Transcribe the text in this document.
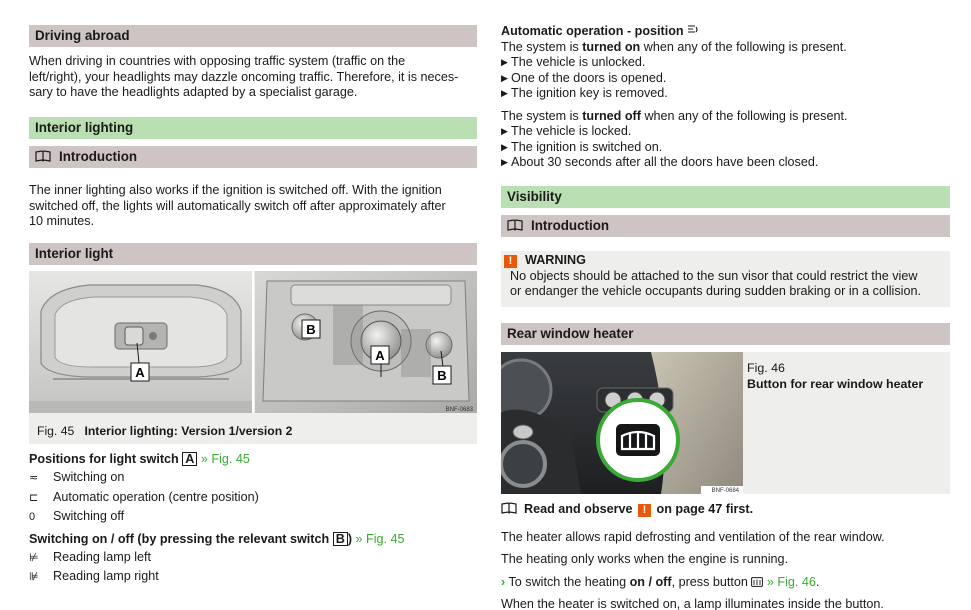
Driving abroad

When driving in countries with opposing traffic system (traffic on the

left/right), your headlights may dazzle oncoming traffic. Therefore, it is neces-

sary to have the headlights adapted by a specialist garage.

Interior lighting
Introduction

The inner lighting also works if the ignition is switched off. With the ignition

switched off, the lights will automatically switch off after approximately after

10 minutes.

Interior light
A
B
A
B
BNF-0683
Fig. 45 Interior lighting: Version 1/version 2
Positions for light switch A » Fig. 45
≂ Switching on
⊏ Automatic operation (centre position)
0 Switching off
Switching on / off (by pressing the relevant switch B ) » Fig. 45
⊭ Reading lamp left
⊯ Reading lamp right

Automatic operation - position

The system is turned on when any of the following is present.

▶ The vehicle is unlocked.

▶ One of the doors is opened.

▶ The ignition key is removed.

The system is turned off when any of the following is present.

▶ The vehicle is locked.

▶ The ignition is switched on.

▶ About 30 seconds after all the doors have been closed.

Visibility
Introduction

! WARNING

No objects should be attached to the sun visor that could restrict the view

or endanger the vehicle occupants during sudden braking or in a collision.

Rear window heater
BNF-0684

Fig. 46

Button for rear window heater

Read and observe ! on page 47 first.

The heater allows rapid defrosting and ventilation of the rear window.

The heating only works when the engine is running.

› To switch the heating on / off, press button » Fig. 46.

When the heater is switched on, a lamp illuminates inside the button.
